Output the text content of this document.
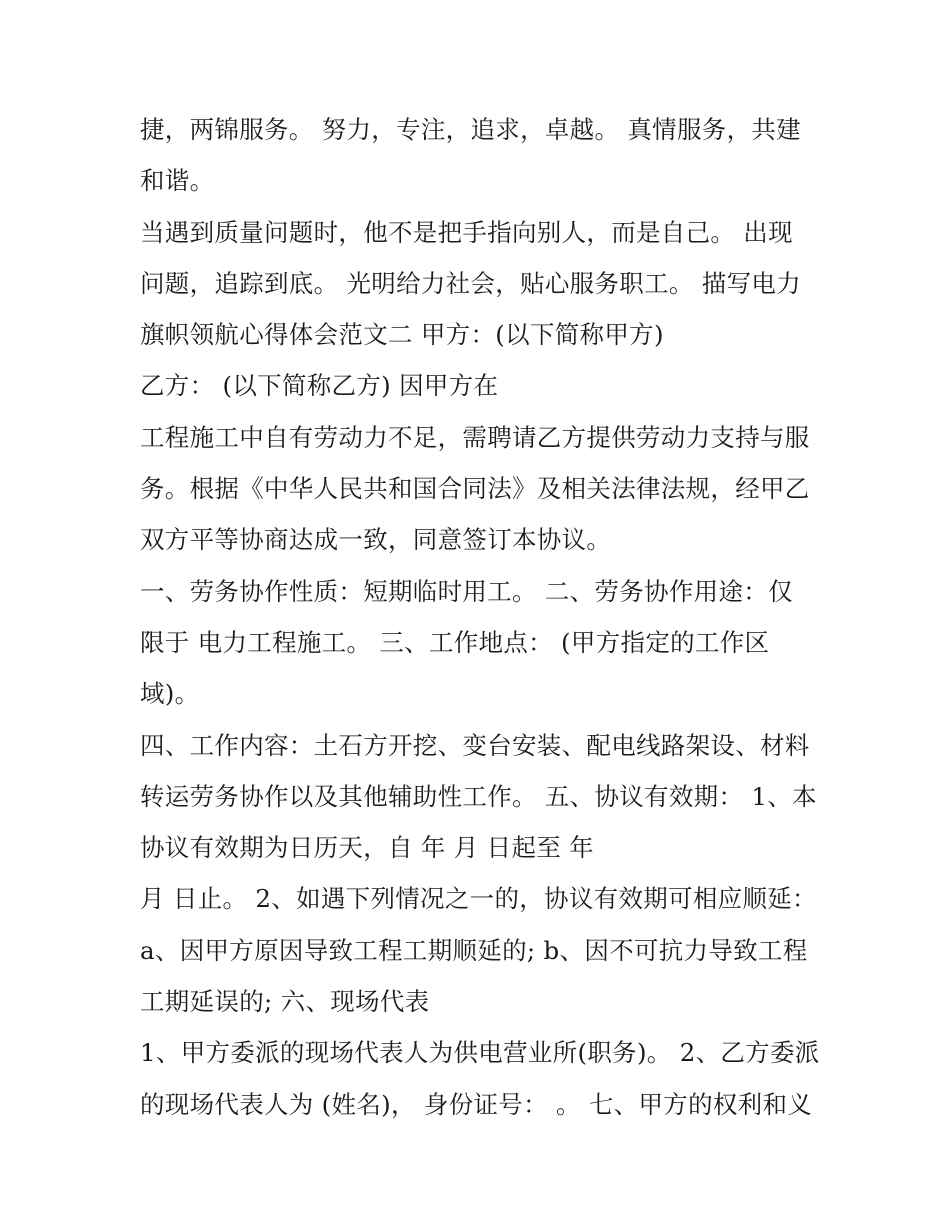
捷，两锦服务。 努力，专注，追求，卓越。 真情服务，共建
和谐。
当遇到质量问题时，他不是把手指向别人，而是自己。 出现
问题，追踪到底。 光明给力社会，贴心服务职工。 描写电力
旗帜领航心得体会范文二 甲方：(以下简称甲方)
乙方： (以下简称乙方) 因甲方在
工程施工中自有劳动力不足，需聘请乙方提供劳动力支持与服
务。根据《中华人民共和国合同法》及相关法律法规，经甲乙
双方平等协商达成一致，同意签订本协议。
一、劳务协作性质：短期临时用工。 二、劳务协作用途：仅
限于 电力工程施工。 三、工作地点： (甲方指定的工作区
域)。
四、工作内容：土石方开挖、变台安装、配电线路架设、材料
转运劳务协作以及其他辅助性工作。 五、协议有效期： 1、本
协议有效期为日历天，自 年 月 日起至 年
月 日止。 2、如遇下列情况之一的，协议有效期可相应顺延：
a、因甲方原因导致工程工期顺延的; b、因不可抗力导致工程
工期延误的; 六、现场代表
1、甲方委派的现场代表人为供电营业所(职务)。 2、乙方委派
的现场代表人为 (姓名)， 身份证号： 。 七、甲方的权利和义
